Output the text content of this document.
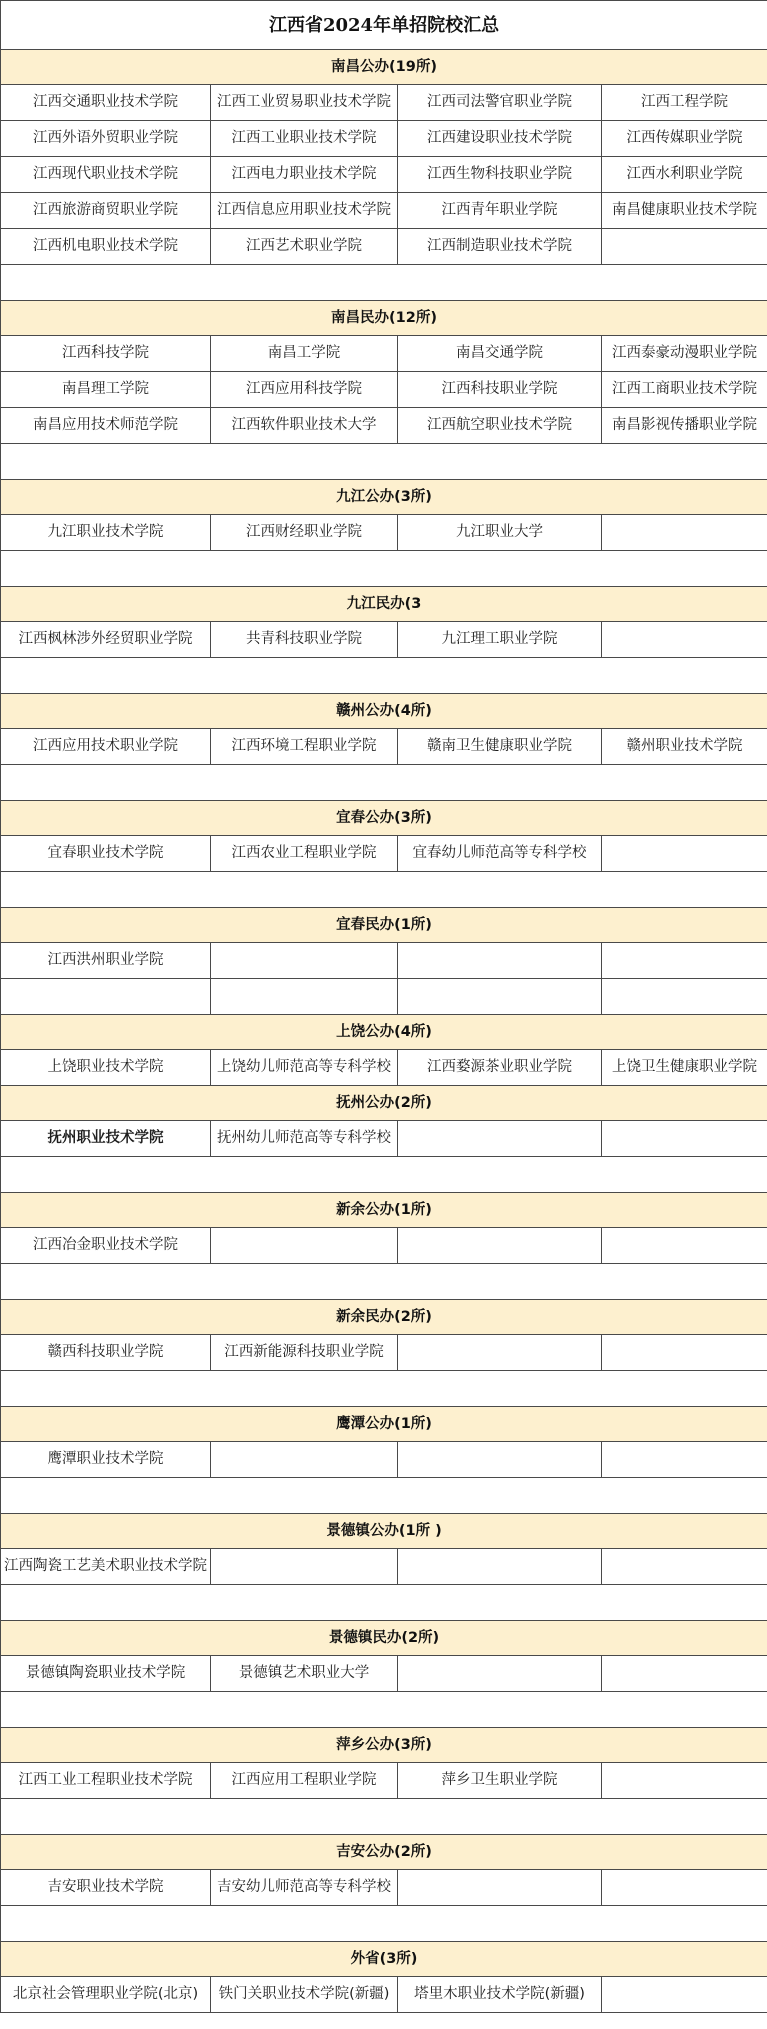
江西省2024年单招院校汇总			
南昌公办(19所)			
江西交通职业技术学院	江西工业贸易职业技术学院	江西司法警官职业学院	江西工程学院
江西外语外贸职业学院	江西工业职业技术学院	江西建设职业技术学院	江西传媒职业学院
江西现代职业技术学院	江西电力职业技术学院	江西生物科技职业学院	江西水利职业学院
江西旅游商贸职业学院	江西信息应用职业技术学院	江西青年职业学院	南昌健康职业技术学院
江西机电职业技术学院	江西艺术职业学院	江西制造职业技术学院	

南昌民办(12所)			
江西科技学院	南昌工学院	南昌交通学院	江西泰豪动漫职业学院
南昌理工学院	江西应用科技学院	江西科技职业学院	江西工商职业技术学院
南昌应用技术师范学院	江西软件职业技术大学	江西航空职业技术学院	南昌影视传播职业学院

九江公办(3所)			
九江职业技术学院	江西财经职业学院	九江职业大学	

九江民办(3			
江西枫林涉外经贸职业学院	共青科技职业学院	九江理工职业学院	

赣州公办(4所)			
江西应用技术职业学院	江西环境工程职业学院	赣南卫生健康职业学院	赣州职业技术学院

宜春公办(3所)			
宜春职业技术学院	江西农业工程职业学院	宜春幼儿师范高等专科学校	

宜春民办(1所)			
江西洪州职业学院			

上饶公办(4所)			
上饶职业技术学院	上饶幼儿师范高等专科学校	江西婺源茶业职业学院	上饶卫生健康职业学院
抚州公办(2所)			
抚州职业技术学院	抚州幼儿师范高等专科学校		

新余公办(1所)			
江西冶金职业技术学院			

新余民办(2所)			
赣西科技职业学院	江西新能源科技职业学院		

鹰潭公办(1所)			
鹰潭职业技术学院			

景德镇公办(1所 )			
江西陶瓷工艺美术职业技术学院			

景德镇民办(2所)			
景德镇陶瓷职业技术学院	景德镇艺术职业大学		

萍乡公办(3所)			
江西工业工程职业技术学院	江西应用工程职业学院	萍乡卫生职业学院	

吉安公办(2所)			
吉安职业技术学院	吉安幼儿师范高等专科学校		

外省(3所)			
北京社会管理职业学院(北京)	铁门关职业技术学院(新疆)	塔里木职业技术学院(新疆)	
